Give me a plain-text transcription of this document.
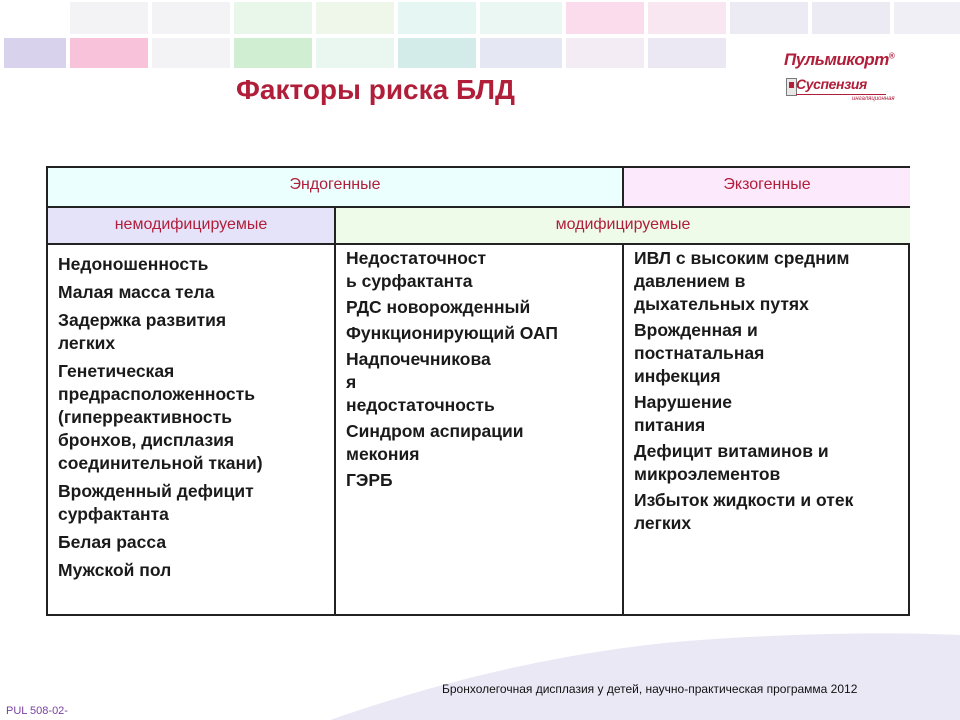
Факторы риска БЛД
Пульмикорт®
Суспензия
ингаляционная
Эндогенные	Экзогенные
немодифицируемые	модифицируемые
Недоношенность
Малая масса тела
Задержка развития
легких
Генетическая
предрасположенность
(гиперреактивность
бронхов, дисплазия
соединительной ткани)
Врожденный дефицит
сурфактанта
Белая расса
Мужской пол
Недостаточност
ь сурфактанта
РДС новорожденный
Функционирующий ОАП
Надпочечникова
я
недостаточность
Синдром аспирации
мекония
ГЭРБ
ИВЛ с высоким средним
давлением в
дыхательных путях
Врожденная и
постнатальная
инфекция
Нарушение
питания
Дефицит витаминов и
микроэлементов
Избыток жидкости и отек
легких
Бронхолегочная дисплазия у детей, научно-практическая программа 2012
PUL 508-02-
